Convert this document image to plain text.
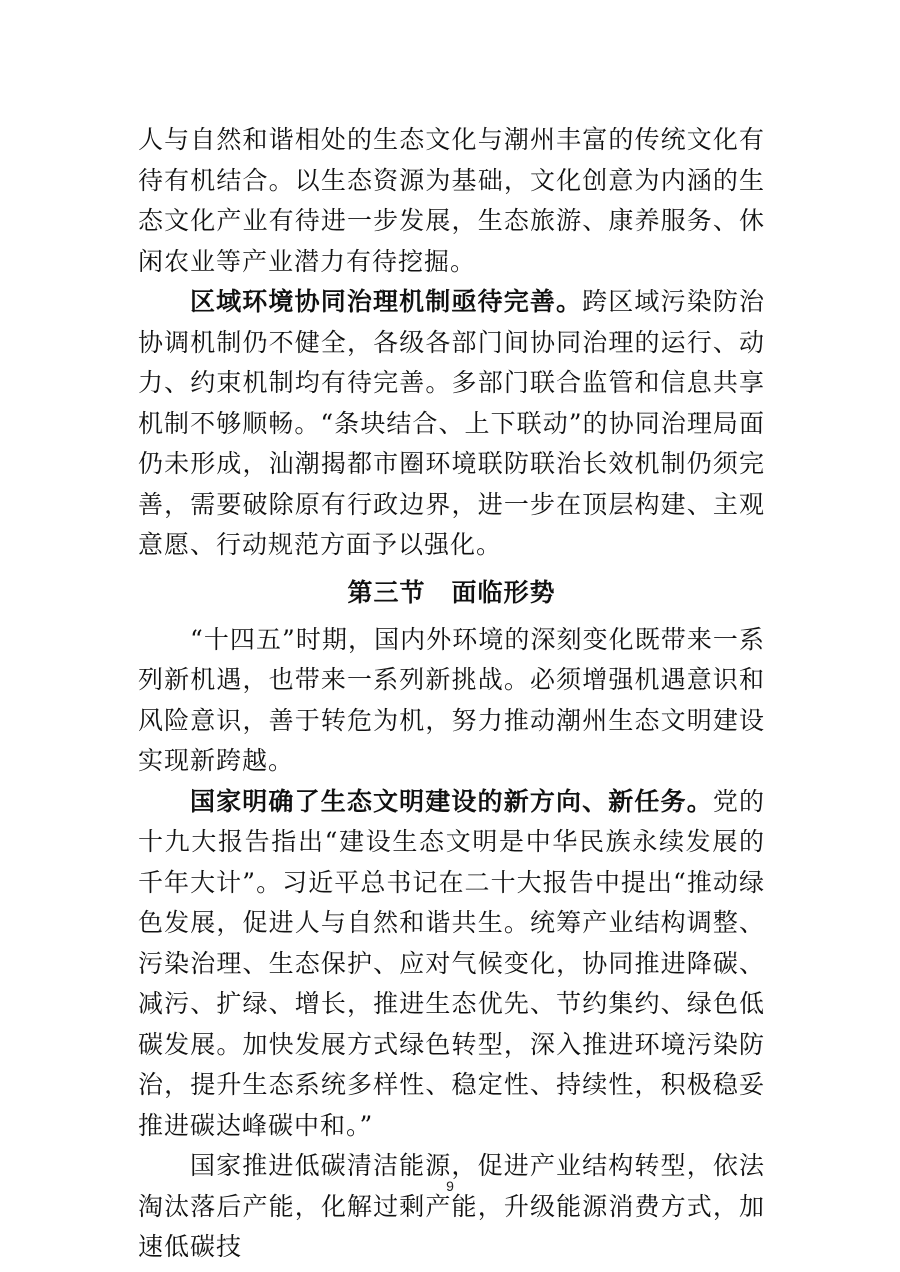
人与自然和谐相处的生态文化与潮州丰富的传统文化有待有机结合。以生态资源为基础，文化创意为内涵的生态文化产业有待进一步发展，生态旅游、康养服务、休闲农业等产业潜力有待挖掘。

区域环境协同治理机制亟待完善。跨区域污染防治协调机制仍不健全，各级各部门间协同治理的运行、动力、约束机制均有待完善。多部门联合监管和信息共享机制不够顺畅。“条块结合、上下联动”的协同治理局面仍未形成，汕潮揭都市圈环境联防联治长效机制仍须完善，需要破除原有行政边界，进一步在顶层构建、主观意愿、行动规范方面予以强化。

第三节 面临形势

“十四五”时期，国内外环境的深刻变化既带来一系列新机遇，也带来一系列新挑战。必须增强机遇意识和风险意识，善于转危为机，努力推动潮州生态文明建设实现新跨越。

国家明确了生态文明建设的新方向、新任务。党的十九大报告指出“建设生态文明是中华民族永续发展的千年大计”。习近平总书记在二十大报告中提出“推动绿色发展，促进人与自然和谐共生。统筹产业结构调整、污染治理、生态保护、应对气候变化，协同推进降碳、减污、扩绿、增长，推进生态优先、节约集约、绿色低碳发展。加快发展方式绿色转型，深入推进环境污染防治，提升生态系统多样性、稳定性、持续性，积极稳妥推进碳达峰碳中和。”

国家推进低碳清洁能源，促进产业结构转型，依法淘汰落后产能，化解过剩产能，升级能源消费方式，加速低碳技

9
